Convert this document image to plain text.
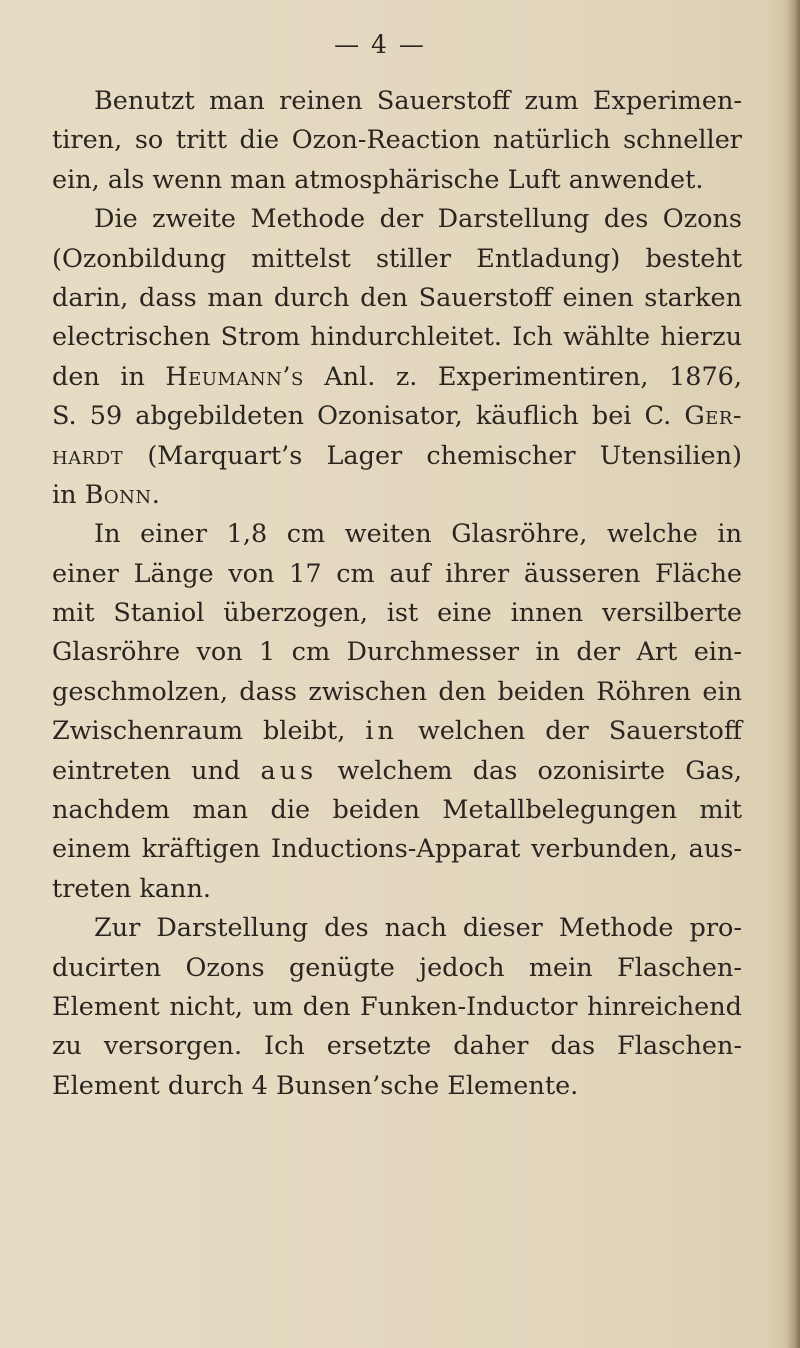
— 4 —
Benutzt man reinen Sauerstoff zum Experimen-
tiren, so tritt die Ozon-Reaction natürlich schneller
ein, als wenn man atmosphärische Luft anwendet.
Die zweite Methode der Darstellung des Ozons
(Ozonbildung mittelst stiller Entladung) besteht
darin, dass man durch den Sauerstoff einen starken
electrischen Strom hindurchleitet. Ich wählte hierzu
den in Heumann’s Anl. z. Experimentiren, 1876,
S. 59 abgebildeten Ozonisator, käuflich bei C. Ger-
hardt (Marquart’s Lager chemischer Utensilien)
in Bonn.
In einer 1,8 cm weiten Glasröhre, welche in
einer Länge von 17 cm auf ihrer äusseren Fläche
mit Staniol überzogen, ist eine innen versilberte
Glasröhre von 1 cm Durchmesser in der Art ein-
geschmolzen, dass zwischen den beiden Röhren ein
Zwischenraum bleibt, in welchen der Sauerstoff
eintreten und aus welchem das ozonisirte Gas,
nachdem man die beiden Metallbelegungen mit
einem kräftigen Inductions-Apparat verbunden, aus-
treten kann.
Zur Darstellung des nach dieser Methode pro-
ducirten Ozons genügte jedoch mein Flaschen-
Element nicht, um den Funken-Inductor hinreichend
zu versorgen. Ich ersetzte daher das Flaschen-
Element durch 4 Bunsen’sche Elemente.
